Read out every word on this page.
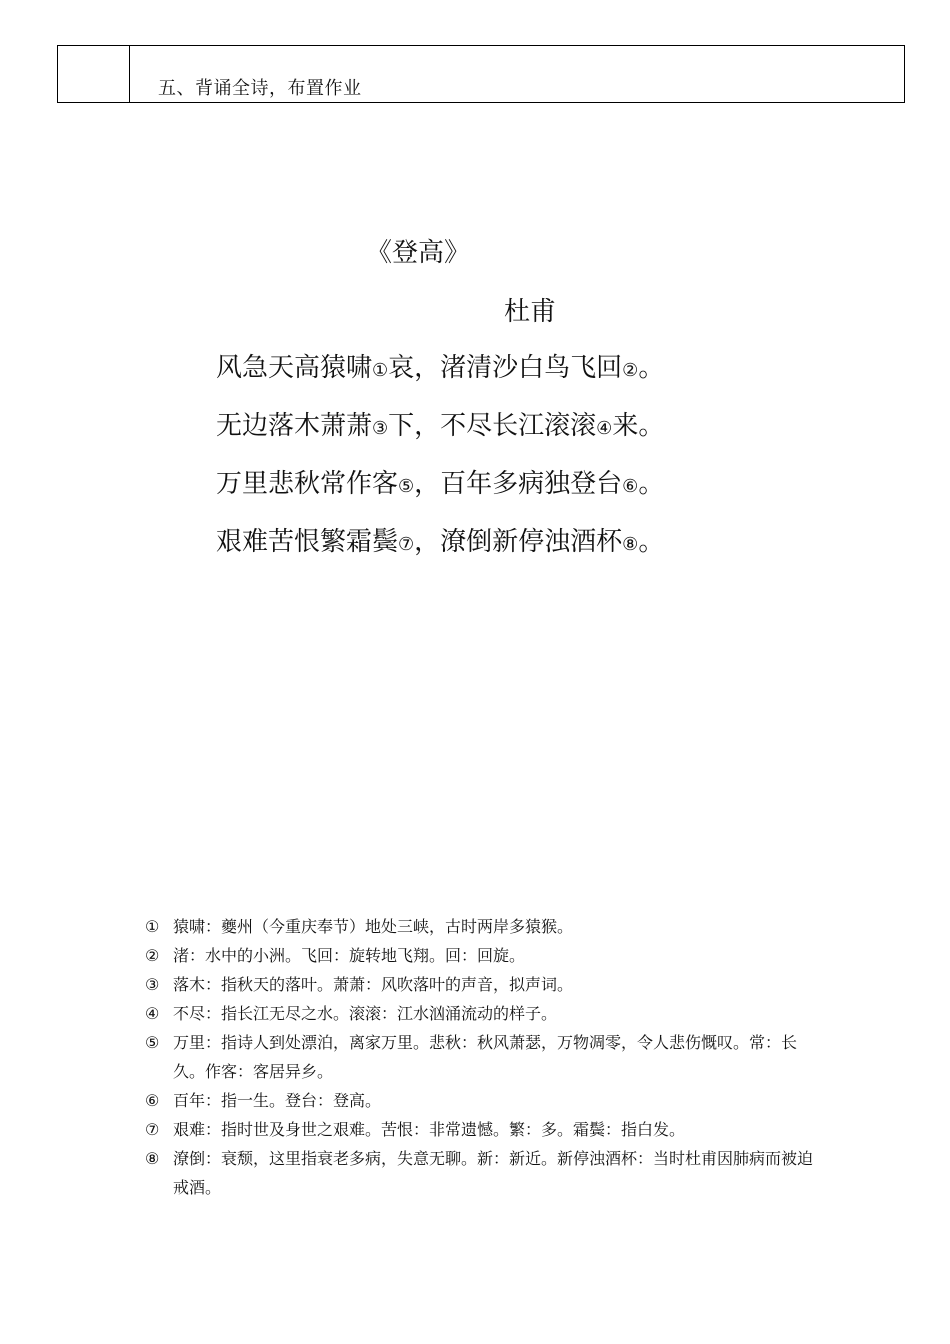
五、背诵全诗，布置作业
《登高》
杜甫
风急天高猿啸①哀，渚清沙白鸟飞回②。
无边落木萧萧③下，不尽长江滚滚④来。
万里悲秋常作客⑤，百年多病独登台⑥。
艰难苦恨繁霜鬓⑦，潦倒新停浊酒杯⑧。
① 猿啸：夔州（今重庆奉节）地处三峡，古时两岸多猿猴。
② 渚：水中的小洲。飞回：旋转地飞翔。回：回旋。
③ 落木：指秋天的落叶。萧萧：风吹落叶的声音，拟声词。
④ 不尽：指长江无尽之水。滚滚：江水汹涌流动的样子。
⑤ 万里：指诗人到处漂泊，离家万里。悲秋：秋风萧瑟，万物凋零，令人悲伤慨叹。常：长久。作客：客居异乡。
⑥ 百年：指一生。登台：登高。
⑦ 艰难：指时世及身世之艰难。苦恨：非常遗憾。繁：多。霜鬓：指白发。
⑧ 潦倒：衰颓，这里指衰老多病，失意无聊。新：新近。新停浊酒杯：当时杜甫因肺病而被迫戒酒。
